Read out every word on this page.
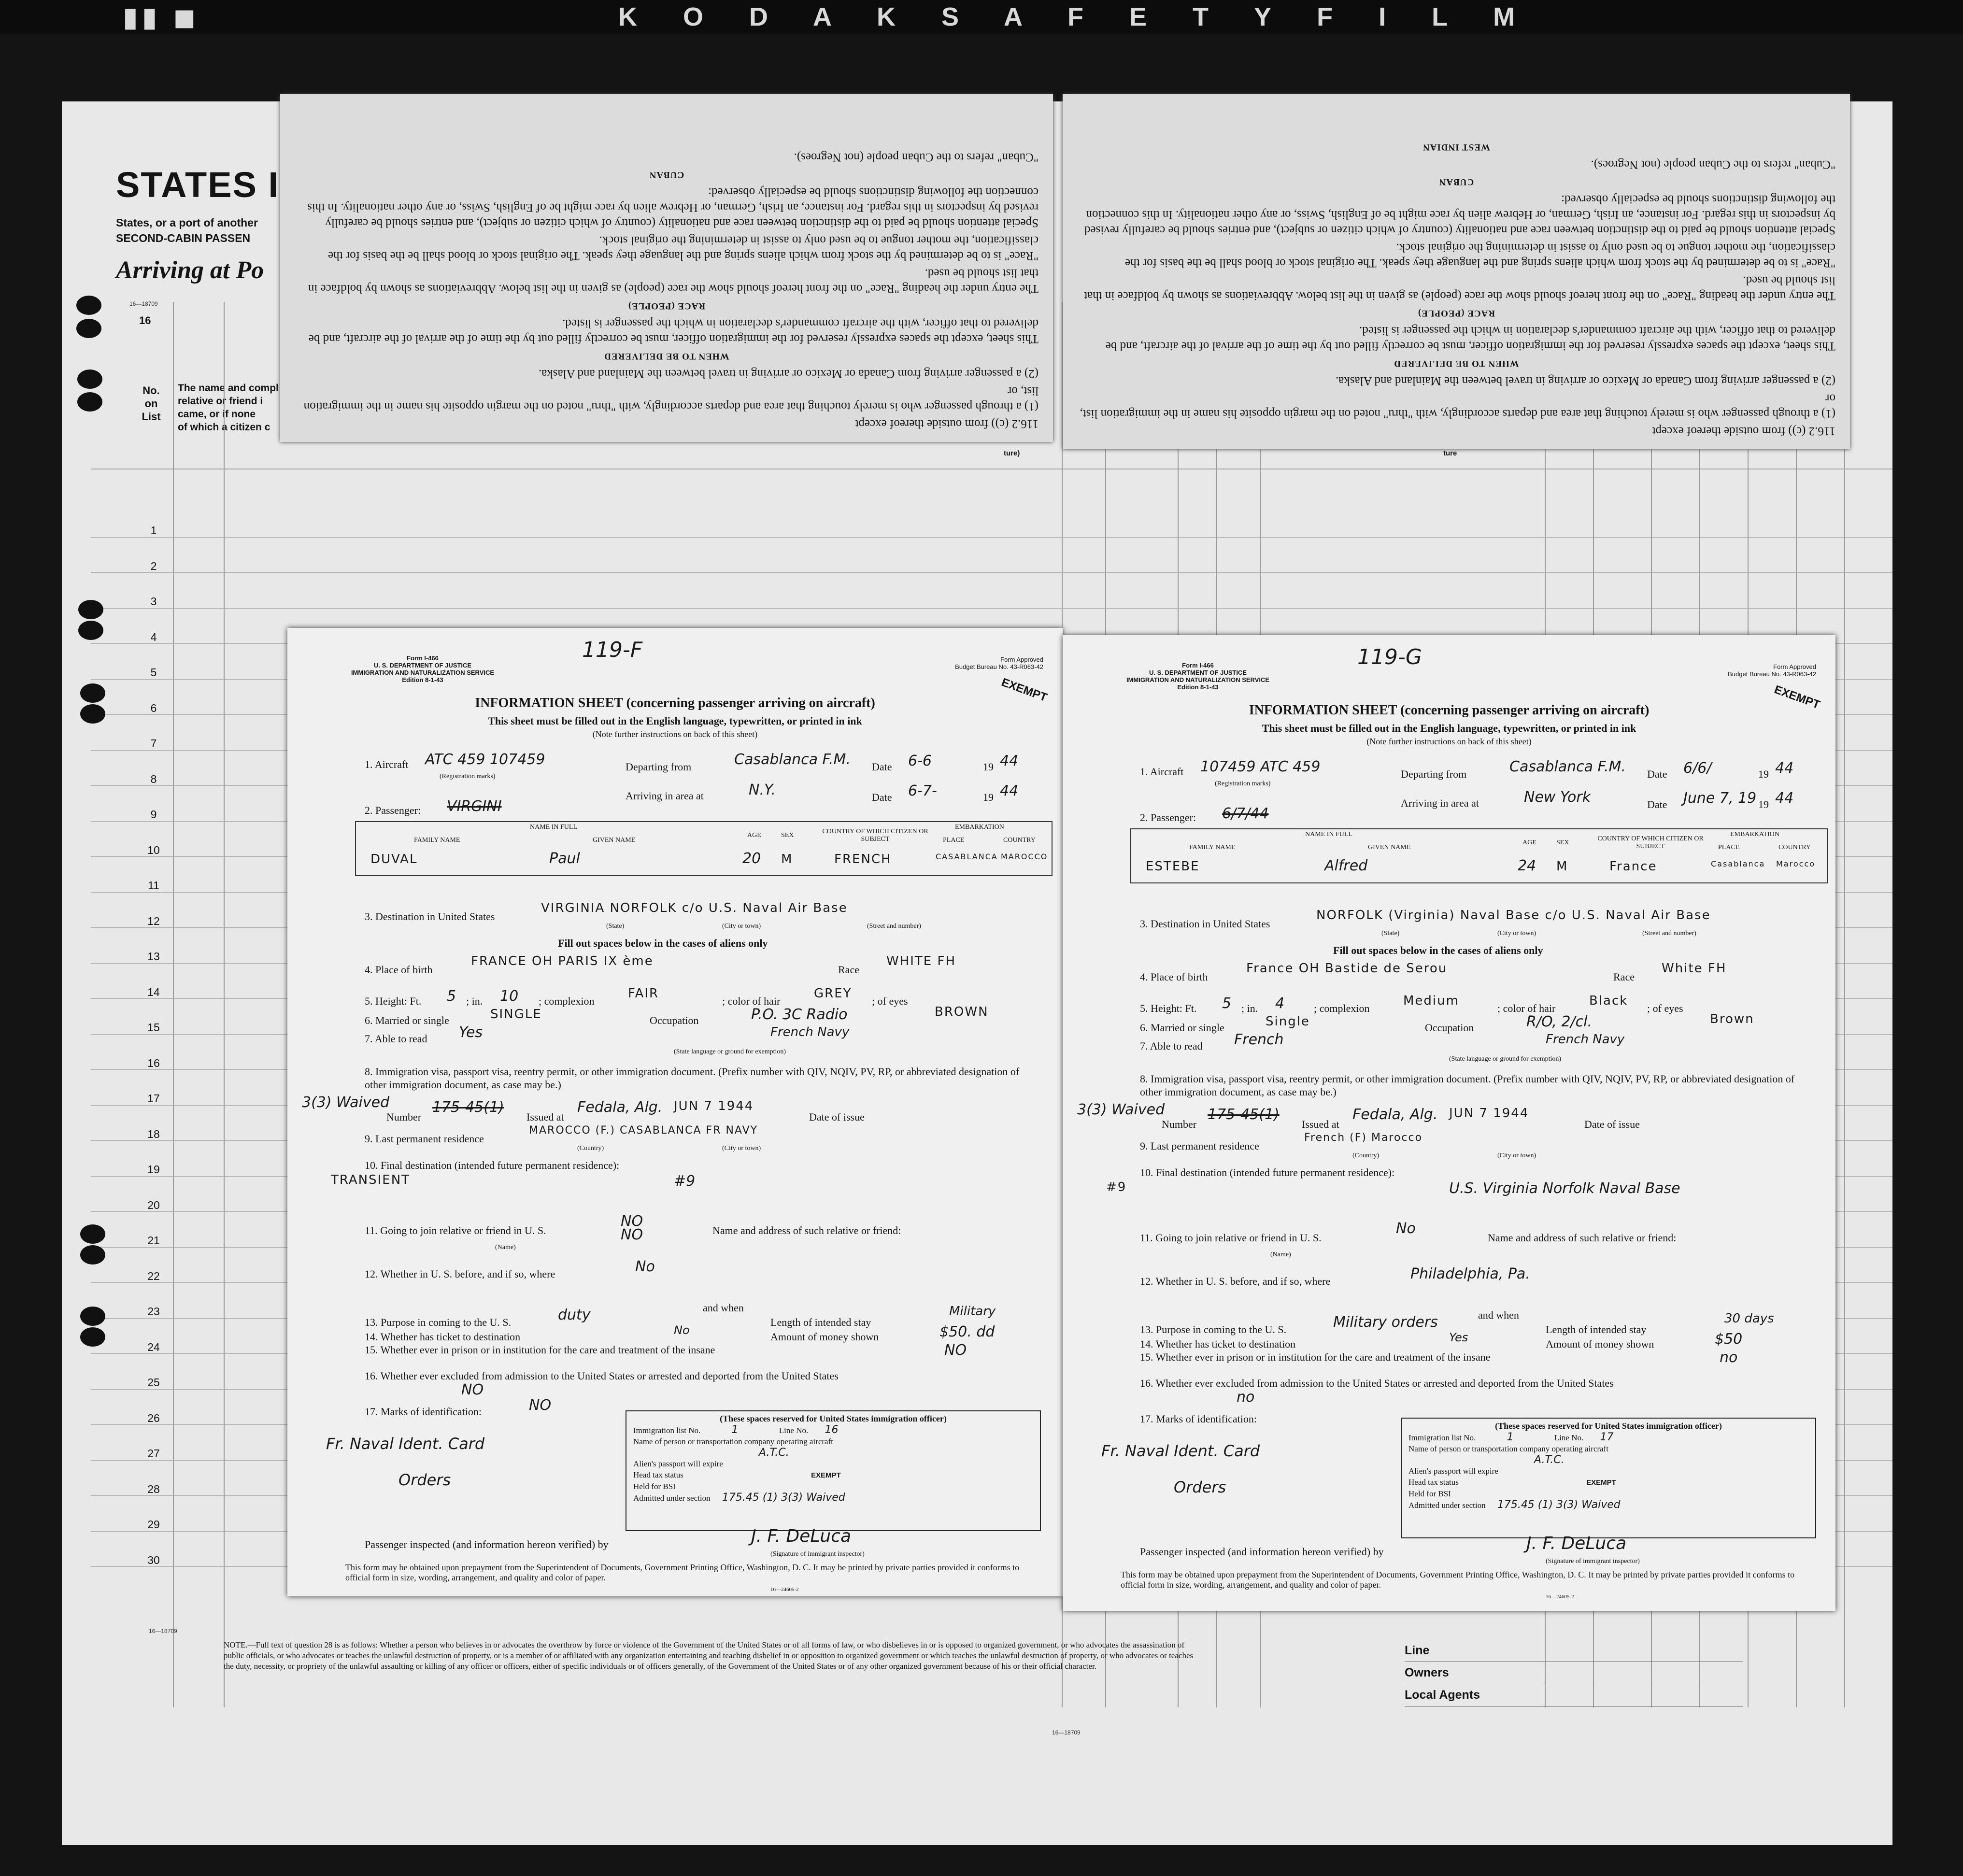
▮▮ ◼	K O D A K S A F E T Y F I L M
STATES I
States, or a port of another
SECOND-CABIN PASSEN
Arriving at Po
16—18709
16
No.
on
List
The name and compl
relative or friend i
came, or if none
of which a citizen c
ture)	ture
NOTE.—Full text of question 28 is as follows: Whether a person who believes in or advocates the overthrow by force or violence of the Government of the United States or of all forms of law, or who disbelieves in or is opposed to organized government, or who advocates the assassination of public officials, or who advocates or teaches the unlawful destruction of property, or is a member of or affiliated with any organization entertaining and teaching disbelief in or opposition to organized government or which teaches the unlawful destruction of property, or who advocates or teaches the duty, necessity, or propriety of the unlawful assaulting or killing of any officer or officers, either of specific individuals or of officers generally, of the Government of the United States or of any other organized government because of his or their official character.
16—18709
16—18709
Line
Owners
Local Agents
1
2
3
4
5
6
7
8
9
10
11
12
13
14
15
16
17
18
19
20
21
22
23
24
25
26
27
28
29
30

116.2 (c)) from outside thereof except

(1) a through passenger who is merely touching that area and departs accordingly, with "thru" noted on the margin opposite his name in the immigration list, or

(2) a passenger arriving from Canada or Mexico or arriving in travel between the Mainland and Alaska.

WHEN TO BE DELIVERED

This sheet, except the spaces expressly reserved for the immigration officer, must be correctly filled out by the time of the arrival of the aircraft, and be delivered to that officer, with the aircraft commander's declaration in which the passenger is listed.

RACE (PEOPLE)

The entry under the heading "Race" on the front hereof should show the race (people) as given in the list below. Abbreviations as shown by boldface in that list should be used.

"Race" is to be determined by the stock from which aliens spring and the language they speak. The original stock or blood shall be the basis for the classification, the mother tongue to be used only to assist in determining the original stock.

Special attention should be paid to the distinction between race and nationality (country of which citizen or subject), and entries should be carefully revised by inspectors in this regard. For instance, an Irish, German, or Hebrew alien by race might be of English, Swiss, or any other nationality. In this connection the following distinctions should be especially observed:

CUBAN

"Cuban" refers to the Cuban people (not Negroes).

116.2 (c)) from outside thereof except

(1) a through passenger who is merely touching that area and departs accordingly, with "thru" noted on the margin opposite his name in the immigration list, or

(2) a passenger arriving from Canada or Mexico or arriving in travel between the Mainland and Alaska.

WHEN TO BE DELIVERED

This sheet, except the spaces expressly reserved for the immigration officer, must be correctly filled out by the time of the arrival of the aircraft, and be delivered to that officer, with the aircraft commander's declaration in which the passenger is listed.

RACE (PEOPLE)

The entry under the heading "Race" on the front hereof should show the race (people) as given in the list below. Abbreviations as shown by boldface in that list should be used.

"Race" is to be determined by the stock from which aliens spring and the language they speak. The original stock or blood shall be the basis for the classification, the mother tongue to be used only to assist in determining the original stock.

Special attention should be paid to the distinction between race and nationality (country of which citizen or subject), and entries should be carefully revised by inspectors in this regard. For instance, an Irish, German, or Hebrew alien by race might be of English, Swiss, or any other nationality. In this connection the following distinctions should be especially observed:

CUBAN

"Cuban" refers to the Cuban people (not Negroes).

WEST INDIAN

Form I-466
U. S. DEPARTMENT OF JUSTICE
IMMIGRATION AND NATURALIZATION SERVICE
Edition 8-1-43
119-F	Form Approved
Budget Bureau No. 43-R063-42
EXEMPT
INFORMATION SHEET (concerning passenger arriving on aircraft)
This sheet must be filled out in the English language, typewritten, or printed in ink
(Note further instructions on back of this sheet)
1. Aircraft ATC 459 107459
(Registration marks)
Departing from	Casablanca F.M. Date 6-6	19 44
Arriving in area at	N.Y.	Date 6-7-	19 44
2. Passenger: VIRGINI
NAME IN FULL
FAMILY NAME	GIVEN NAME
AGE	SEX
COUNTRY OF WHICH CITIZEN OR SUBJECT
EMBARKATION
PLACE	COUNTRY
DUVAL	Paul	20 M	FRENCH	CASABLANCA MAROCCO
3. Destination in United States
VIRGINIA NORFOLK c/o U.S. Naval Air Base
(State)	(City or town)	(Street and number)
Fill out spaces below in the cases of aliens only
4. Place of birth
FRANCE OH PARIS IX ème
Race
WHITE FH
5. Height: Ft. 5 ; in. 10 ; complexion
FAIR
; color of hair
GREY
; of eyes
BROWN
6. Married or single	SINGLE	Occupation	P.O. 3C Radio
7. Able to read Yes	French Navy
(State language or ground for exemption)
8. Immigration visa, passport visa, reentry permit, or other immigration document. (Prefix number with QIV, NQIV, PV, RP, or abbreviated designation of other immigration document, as case may be.)
3(3) Waived
Number
175-45(1)
Issued at
Fedala, Alg.
Date of issue
JUN 7 1944
9. Last permanent residence
MAROCCO (F.) CASABLANCA FR NAVY
(Country)	(City or town)
10. Final destination (intended future permanent residence):
TRANSIENT	#9
11. Going to join relative or friend in U. S.
NO
NO	Name and address of such relative or friend:
(Name)
12. Whether in U. S. before, and if so, where	No
and when
13. Purpose in coming to the U. S.	duty	Length of intended stay
Military
14. Whether has ticket to destination	No	Amount of money shown	$50. dd
15. Whether ever in prison or in institution for the care and treatment of the insane	NO
16. Whether ever excluded from admission to the United States or arrested and deported from the United States
NO
17. Marks of identification:	NO
Fr. Naval Ident. Card
Orders
(These spaces reserved for United States immigration officer)
Immigration list No.	1	Line No. 16
Name of person or transportation company operating aircraft
A.T.C.
Alien's passport will expire
Head tax status	EXEMPT
Held for BSI
Admitted under section 175.45 (1) 3(3) Waived
Passenger inspected (and information hereon verified) by	J. F. DeLuca
(Signature of immigrant inspector)
This form may be obtained upon prepayment from the Superintendent of Documents, Government Printing Office, Washington, D. C. It may be printed by private parties provided it conforms to official form in size, wording, arrangement, and quality and color of paper.
16—24605-2
Form I-466
U. S. DEPARTMENT OF JUSTICE
IMMIGRATION AND NATURALIZATION SERVICE
Edition 8-1-43
119-G	Form Approved
Budget Bureau No. 43-R063-42
EXEMPT
INFORMATION SHEET (concerning passenger arriving on aircraft)
This sheet must be filled out in the English language, typewritten, or printed in ink
(Note further instructions on back of this sheet)
1. Aircraft 107459 ATC 459
(Registration marks)
Departing from	Casablanca F.M. Date 6/6/	19 44
Arriving in area at	New York	Date June 7, 19 19 44
2. Passenger: 6/7/44
NAME IN FULL
FAMILY NAME	GIVEN NAME
AGE	SEX
COUNTRY OF WHICH CITIZEN OR SUBJECT
EMBARKATION
PLACE	COUNTRY
ESTEBE	Alfred	24 M	France	Casablanca Marocco
3. Destination in United States
NORFOLK (Virginia) Naval Base c/o U.S. Naval Air Base
(State)	(City or town)	(Street and number)
Fill out spaces below in the cases of aliens only
4. Place of birth
France OH Bastide de Serou
Race
White FH
5. Height: Ft. 5 ; in. 4	; complexion
Medium
; color of hair
Black
; of eyes
Brown
6. Married or single	Single	Occupation	R/O, 2/cl.
7. Able to read French	French Navy
(State language or ground for exemption)
8. Immigration visa, passport visa, reentry permit, or other immigration document. (Prefix number with QIV, NQIV, PV, RP, or abbreviated designation of other immigration document, as case may be.)
3(3) Waived
Number
175-45(1)
Issued at
Fedala, Alg.
Date of issue
JUN 7 1944
9. Last permanent residence
French (F) Marocco
(Country)	(City or town)
10. Final destination (intended future permanent residence):
#9	U.S. Virginia Norfolk Naval Base
11. Going to join relative or friend in U. S.
No
Name and address of such relative or friend:
(Name)
12. Whether in U. S. before, and if so, where	Philadelphia, Pa.
and when
13. Purpose in coming to the U. S.	Military orders	Length of intended stay
30 days
14. Whether has ticket to destination	Yes	Amount of money shown	$50
15. Whether ever in prison or in institution for the care and treatment of the insane	no
16. Whether ever excluded from admission to the United States or arrested and deported from the United States
no
17. Marks of identification:
Fr. Naval Ident. Card
Orders
(These spaces reserved for United States immigration officer)
Immigration list No.	1	Line No. 17
Name of person or transportation company operating aircraft
A.T.C.
Alien's passport will expire
Head tax status	EXEMPT
Held for BSI
Admitted under section 175.45 (1) 3(3) Waived
Passenger inspected (and information hereon verified) by	J. F. DeLuca
(Signature of immigrant inspector)
This form may be obtained upon prepayment from the Superintendent of Documents, Government Printing Office, Washington, D. C. It may be printed by private parties provided it conforms to official form in size, wording, arrangement, and quality and color of paper.
16—24605-2
